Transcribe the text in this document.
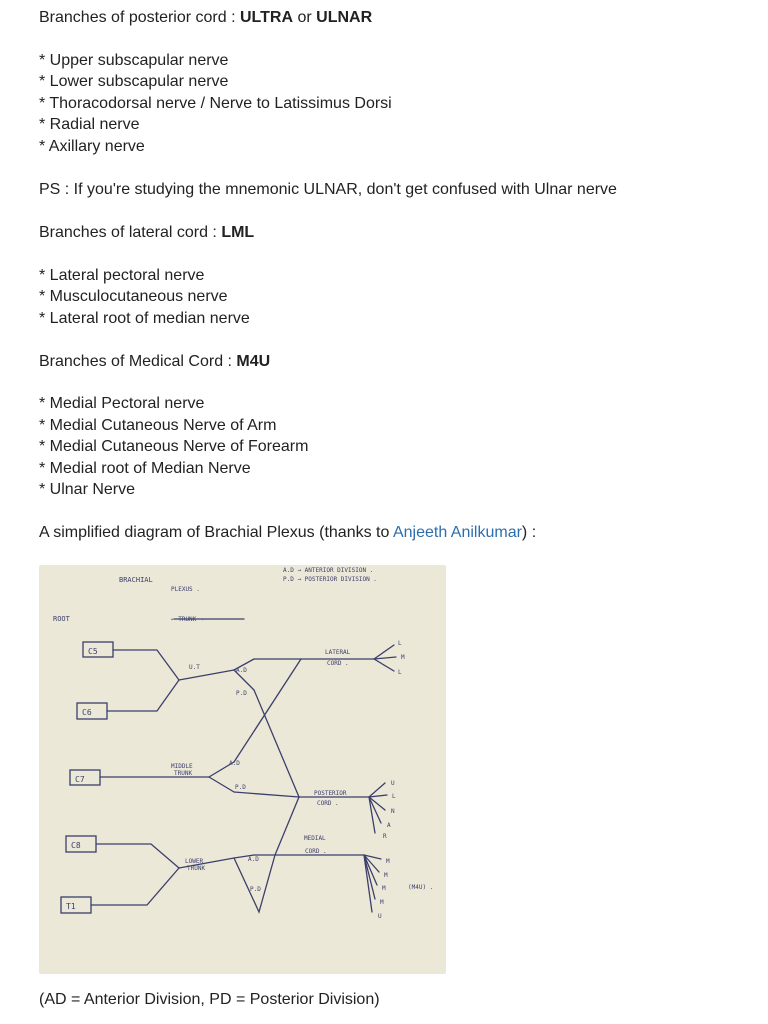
Branches of posterior cord : ULTRA or ULNAR
* Upper subscapular nerve
* Lower subscapular nerve
* Thoracodorsal nerve / Nerve to Latissimus Dorsi
* Radial nerve
* Axillary nerve
PS : If you're studying the mnemonic ULNAR, don't get confused with Ulnar nerve
Branches of lateral cord : LML
* Lateral pectoral nerve
* Musculocutaneous nerve
* Lateral root of median nerve
Branches of Medical Cord : M4U
* Medial Pectoral nerve
* Medial Cutaneous Nerve of Arm
* Medial Cutaneous Nerve of Forearm
* Medial root of Median Nerve
* Ulnar Nerve
A simplified diagram of Brachial Plexus (thanks to Anjeeth Anilkumar) :
(AD = Anterior Division, PD = Posterior Division)
BRACHIAL
PLEXUS .
A.D → ANTERIOR DIVISION .
P.D → POSTERIOR DIVISION .
ROOT	← TRUNK →
C5
C6
C7
C8
T1
U.T	A.D
P.D
MIDDLE
TRUNK
A.D
P.D
LOWER
TRUNK
A.D
P.D
LATERAL
CORD .
POSTERIOR
CORD .
MEDIAL
CORD .
L
M
L
U
L
N
A
R
M
M
M
M
U
(M4U) .
